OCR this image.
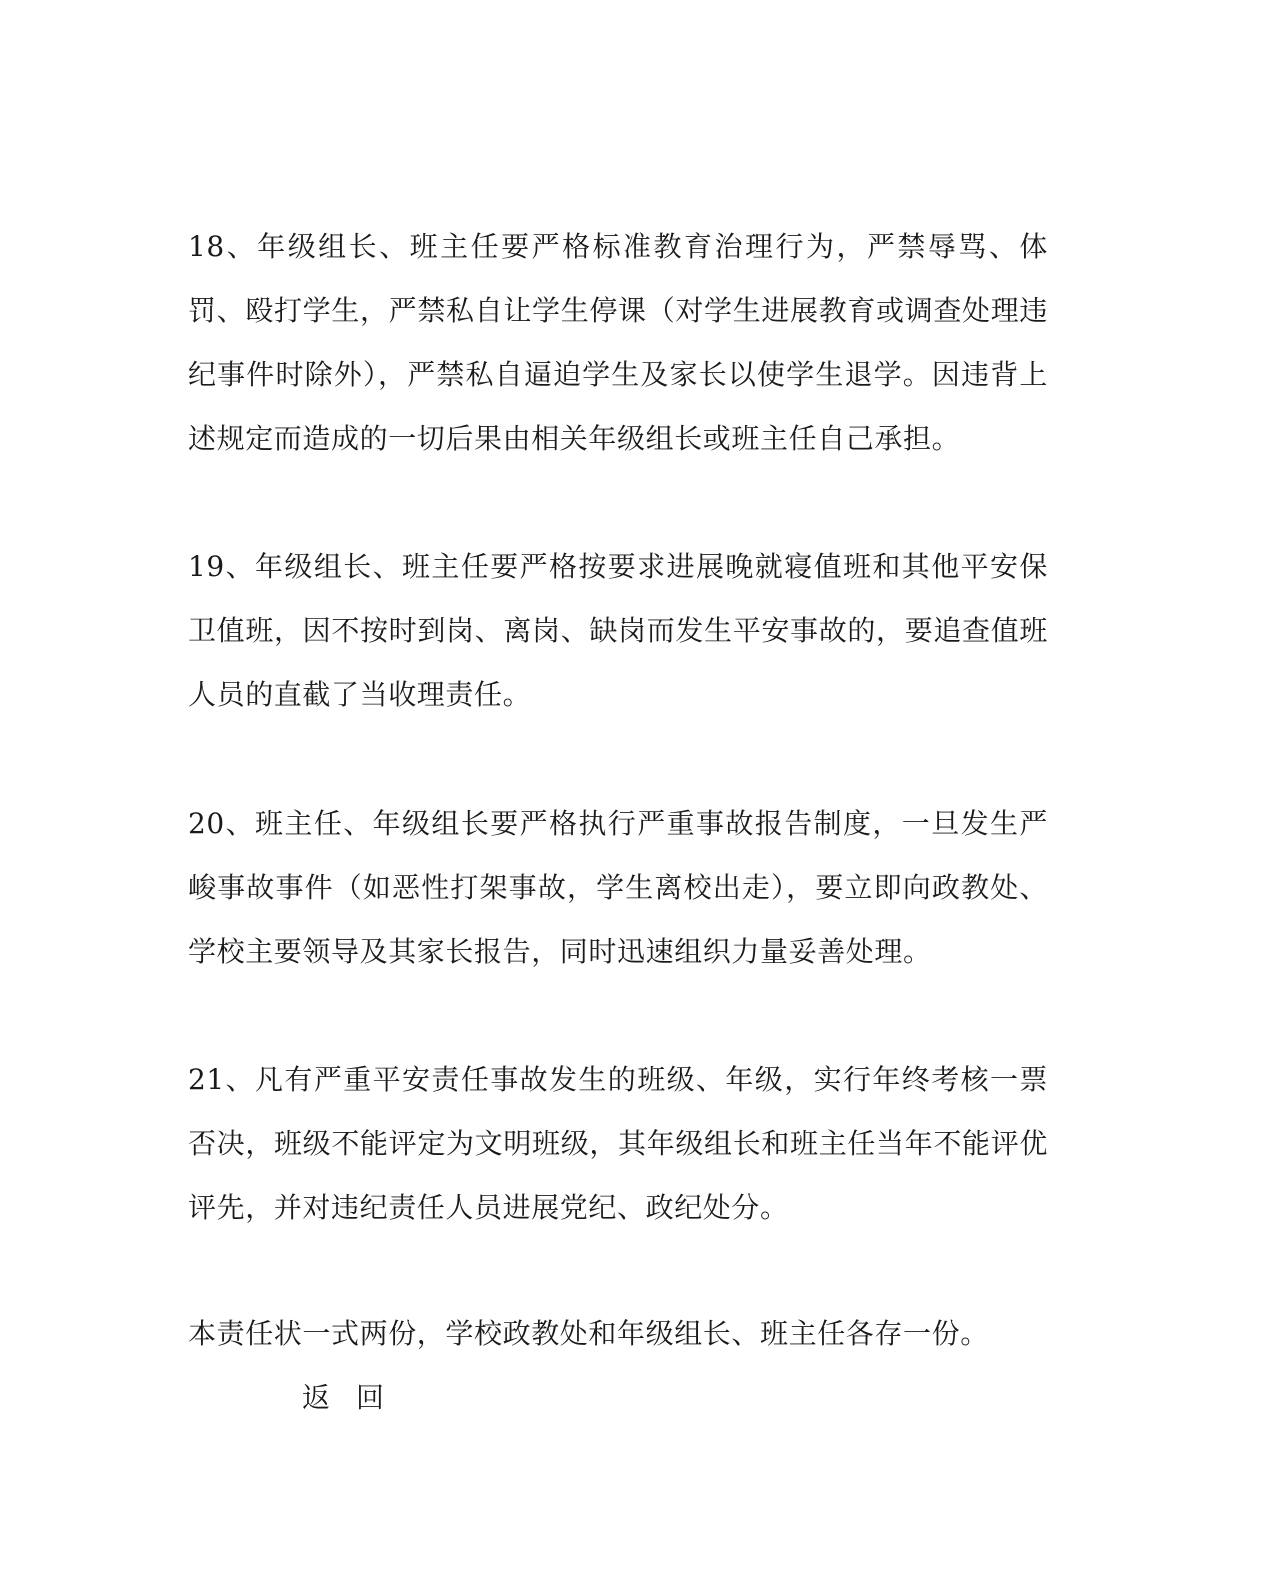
18、年级组长、班主任要严格标准教育治理行为，严禁辱骂、体罚、殴打学生，严禁私自让学生停课（对学生进展教育或调查处理违纪事件时除外），严禁私自逼迫学生及家长以使学生退学。因违背上述规定而造成的一切后果由相关年级组长或班主任自己承担。

19、年级组长、班主任要严格按要求进展晚就寝值班和其他平安保卫值班，因不按时到岗、离岗、缺岗而发生平安事故的，要追查值班人员的直截了当收理责任。

20、班主任、年级组长要严格执行严重事故报告制度，一旦发生严峻事故事件（如恶性打架事故，学生离校出走），要立即向政教处、学校主要领导及其家长报告，同时迅速组织力量妥善处理。

21、凡有严重平安责任事故发生的班级、年级，实行年终考核一票否决，班级不能评定为文明班级，其年级组长和班主任当年不能评优评先，并对违纪责任人员进展党纪、政纪处分。

本责任状一式两份，学校政教处和年级组长、班主任各存一份。

返回
